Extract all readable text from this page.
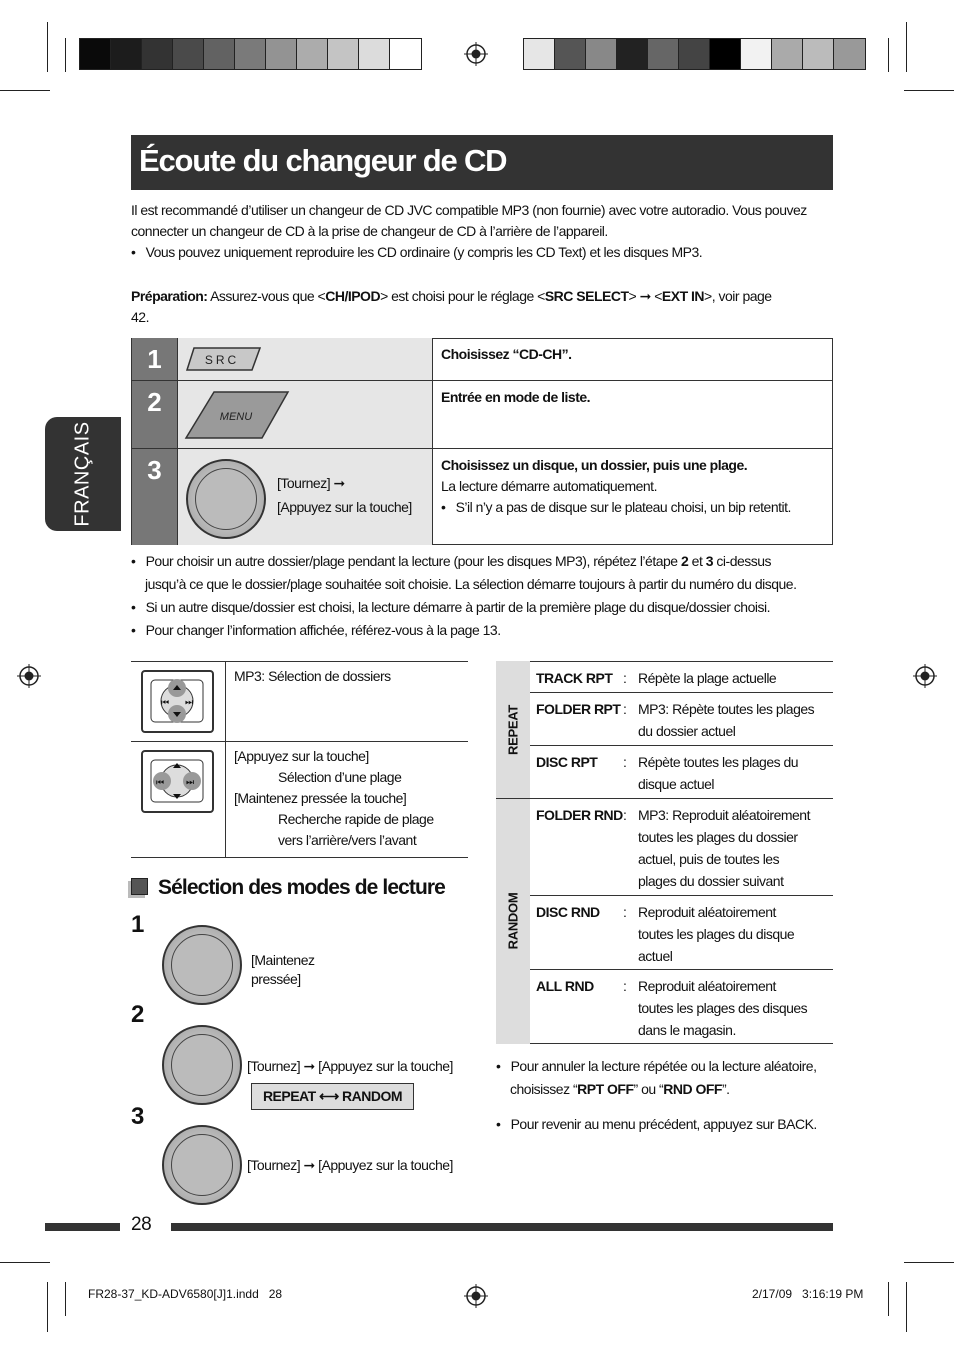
Écoute du changeur de CD
FRANÇAIS
Il est recommandé d’utiliser un changeur de CD JVC compatible MP3 (non fournie) avec votre autoradio. Vous pouvez
connecter un changeur de CD à la prise de changeur de CD à l’arrière de l’appareil.
•   Vous pouvez uniquement reproduire les CD ordinaire (y compris les CD Text) et les disques MP3.
Préparation: Assurez-vous que <CH/IPOD> est choisi pour le réglage <SRC SELECT> ➞ <EXT IN>, voir page
42.
1	SRC	Choisissez “CD-CH”.
2	MENU
Entrée en mode de liste.
3	[Tournez] ➞
[Appuyez sur la touche]
Choisissez un disque, un dossier, puis une plage.
La lecture démarre automatiquement.
•   S’il n’y a pas de disque sur le plateau choisi, un bip retentit.
•   Pour choisir un autre dossier/plage pendant la lecture (pour les disques MP3), répétez l’étape 2 et 3 ci-dessus
jusqu’à ce que le dossier/plage souhaitée soit choisie. La sélection démarre toujours à partir du numéro du disque.
•   Si un autre disque/dossier est choisi, la lecture démarre à partir de la première plage du disque/dossier choisi.
•   Pour changer l’information affichée, référez-vous à la page 13.
⏮ ⏭
⏮ ⏭
MP3: Sélection de dossiers
[Appuyez sur la touche]
Sélection d’une plage
[Maintenez pressée la touche]
Recherche rapide de plage
vers l’arrière/vers l’avant
Sélection des modes de lecture
1
[Maintenez
pressée]
2
[Tournez] ➞ [Appuyez sur la touche]
REPEAT ⟷ RANDOM
3
[Tournez] ➞ [Appuyez sur la touche]
REPEAT
RANDOM
TRACK RPT : Répète la plage actuelle
FOLDER RPT : MP3: Répète toutes les plages
du dossier actuel
DISC RPT : Répète toutes les plages du
disque actuel
FOLDER RND : MP3: Reproduit aléatoirement
toutes les plages du dossier
actuel, puis de toutes les
plages du dossier suivant
DISC RND : Reproduit aléatoirement
toutes les plages du disque
actuel
ALL RND : Reproduit aléatoirement
toutes les plages des disques
dans le magasin.
•   Pour annuler la lecture répétée ou la lecture aléatoire,
choisissez “RPT OFF” ou “RND OFF”.
•   Pour revenir au menu précédent, appuyez sur BACK.
28
FR28-37_KD-ADV6580[J]1.indd   28	2/17/09   3:16:19 PM
